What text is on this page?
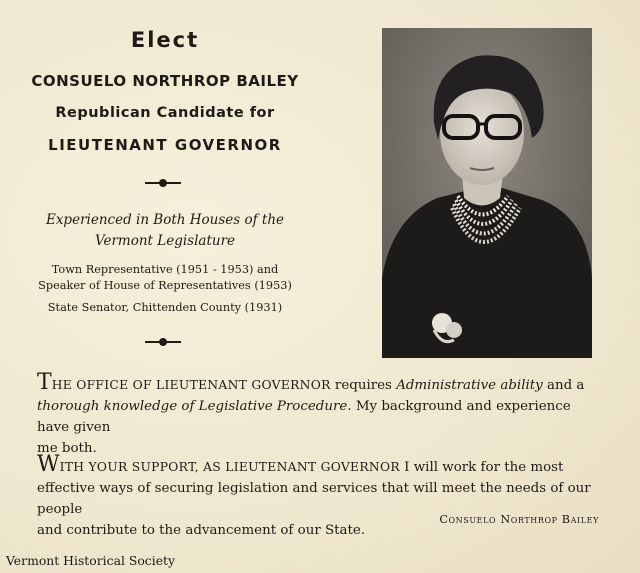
Elect
CONSUELO NORTHROP BAILEY
Republican Candidate for
LIEUTENANT GOVERNOR
Experienced in Both Houses of the
Vermont Legislature
Town Representative (1951 - 1953) and
Speaker of House of Representatives (1953)
State Senator, Chittenden County (1931)
THE OFFICE OF LIEUTENANT GOVERNOR requires Administrative ability and a
thorough knowledge of Legislative Procedure. My background and experience have given
me both.
WITH YOUR SUPPORT, AS LIEUTENANT GOVERNOR I will work for the most
effective ways of securing legislation and services that will meet the needs of our people
and contribute to the advancement of our State.
Consuelo Northrop Bailey
Vermont Historical Society
